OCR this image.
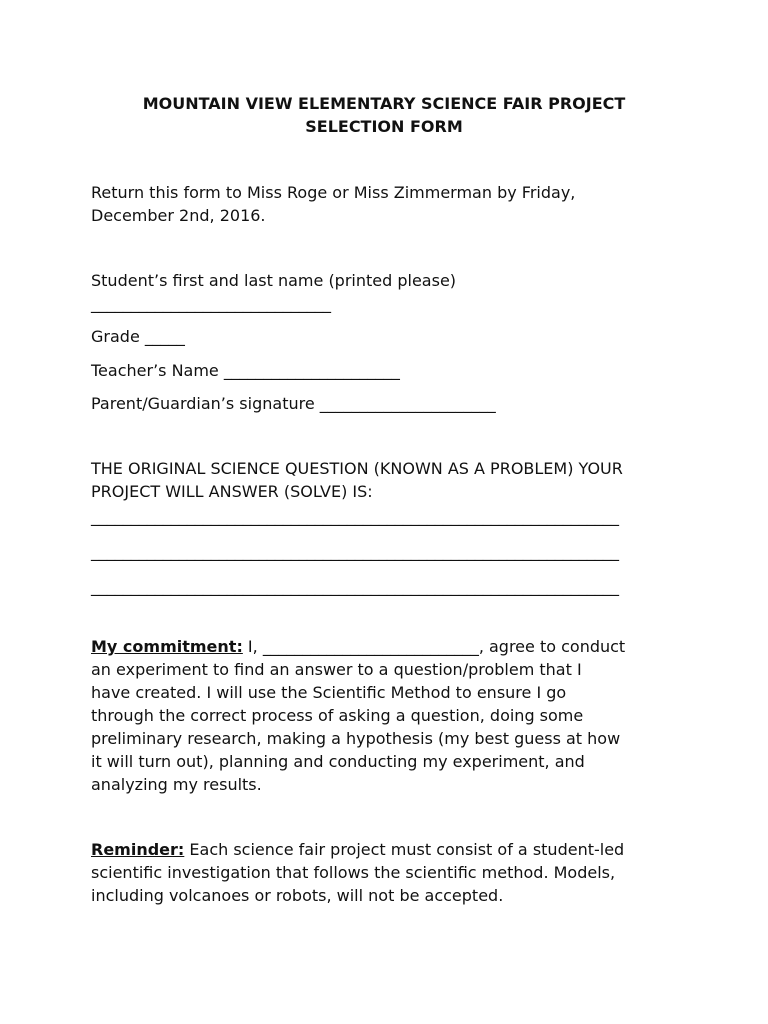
MOUNTAIN VIEW ELEMENTARY SCIENCE FAIR PROJECT
SELECTION FORM
Return this form to Miss Roge or Miss Zimmerman by Friday,
December 2nd, 2016.
Student’s first and last name (printed please)
______________________________
Grade _____
Teacher’s Name ______________________
Parent/Guardian’s signature ______________________
THE ORIGINAL SCIENCE QUESTION (KNOWN AS A PROBLEM) YOUR
PROJECT WILL ANSWER (SOLVE) IS:
__________________________________________________________________
__________________________________________________________________
__________________________________________________________________
My commitment: I, ___________________________, agree to conduct
an experiment to find an answer to a question/problem that I
have created. I will use the Scientific Method to ensure I go
through the correct process of asking a question, doing some
preliminary research, making a hypothesis (my best guess at how
it will turn out), planning and conducting my experiment, and
analyzing my results.
Reminder: Each science fair project must consist of a student-led
scientific investigation that follows the scientific method. Models,
including volcanoes or robots, will not be accepted.
